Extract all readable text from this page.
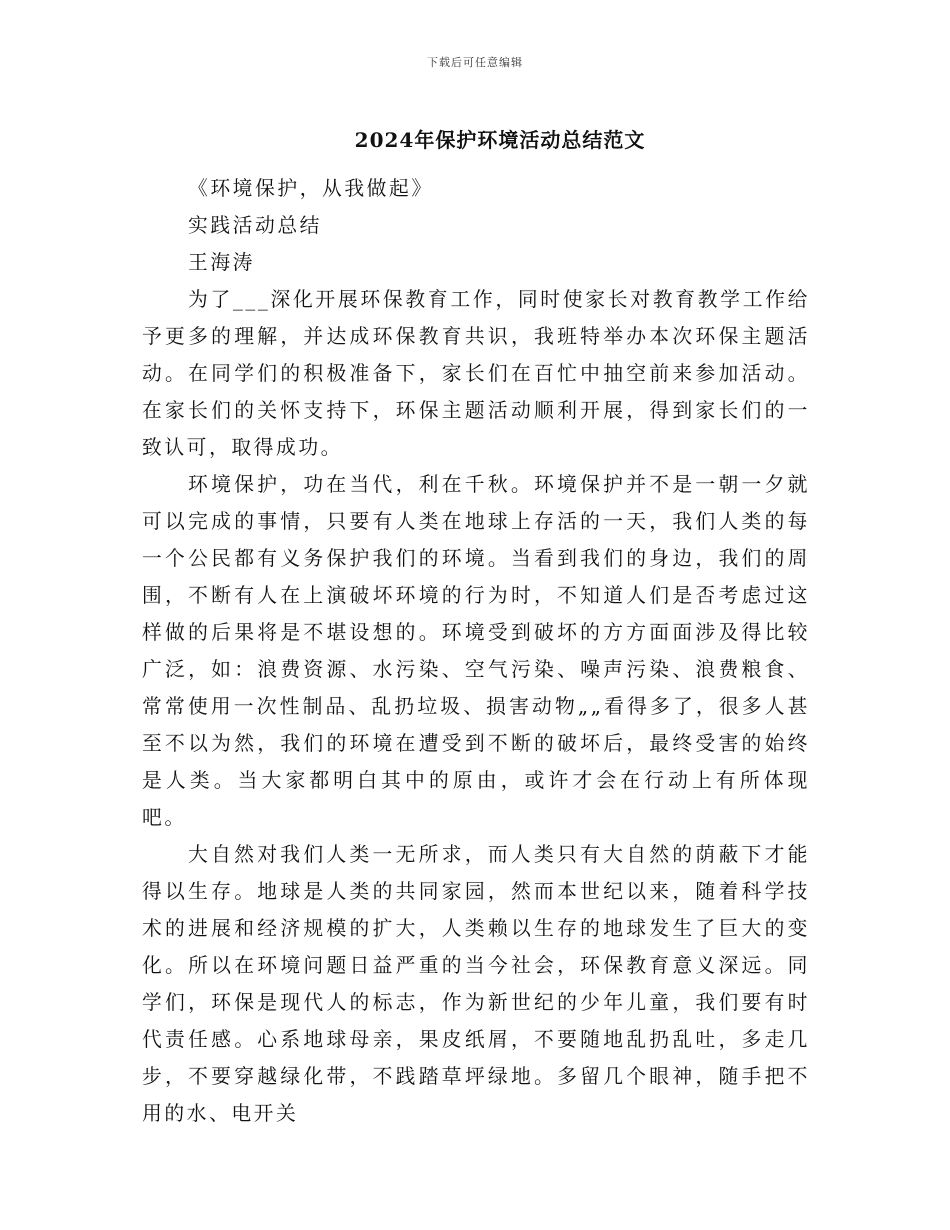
下载后可任意编辑
2024年保护环境活动总结范文
《环境保护，从我做起》
实践活动总结
王海涛

为了___深化开展环保教育工作，同时使家长对教育教学工作给予更多的理解，并达成环保教育共识，我班特举办本次环保主题活动。在同学们的积极准备下，家长们在百忙中抽空前来参加活动。在家长们的关怀支持下，环保主题活动顺利开展，得到家长们的一致认可，取得成功。

环境保护，功在当代，利在千秋。环境保护并不是一朝一夕就可以完成的事情，只要有人类在地球上存活的一天，我们人类的每一个公民都有义务保护我们的环境。当看到我们的身边，我们的周围，不断有人在上演破坏环境的行为时，不知道人们是否考虑过这样做的后果将是不堪设想的。环境受到破坏的方方面面涉及得比较广泛，如：浪费资源、水污染、空气污染、噪声污染、浪费粮食、常常使用一次性制品、乱扔垃圾、损害动物„„看得多了，很多人甚至不以为然，我们的环境在遭受到不断的破坏后，最终受害的始终是人类。当大家都明白其中的原由，或许才会在行动上有所体现吧。

大自然对我们人类一无所求，而人类只有大自然的荫蔽下才能得以生存。地球是人类的共同家园，然而本世纪以来，随着科学技术的进展和经济规模的扩大，人类赖以生存的地球发生了巨大的变化。所以在环境问题日益严重的当今社会，环保教育意义深远。同学们，环保是现代人的标志，作为新世纪的少年儿童，我们要有时代责任感。心系地球母亲，果皮纸屑，不要随地乱扔乱吐，多走几步，不要穿越绿化带，不践踏草坪绿地。多留几个眼神，随手把不用的水、电开关
